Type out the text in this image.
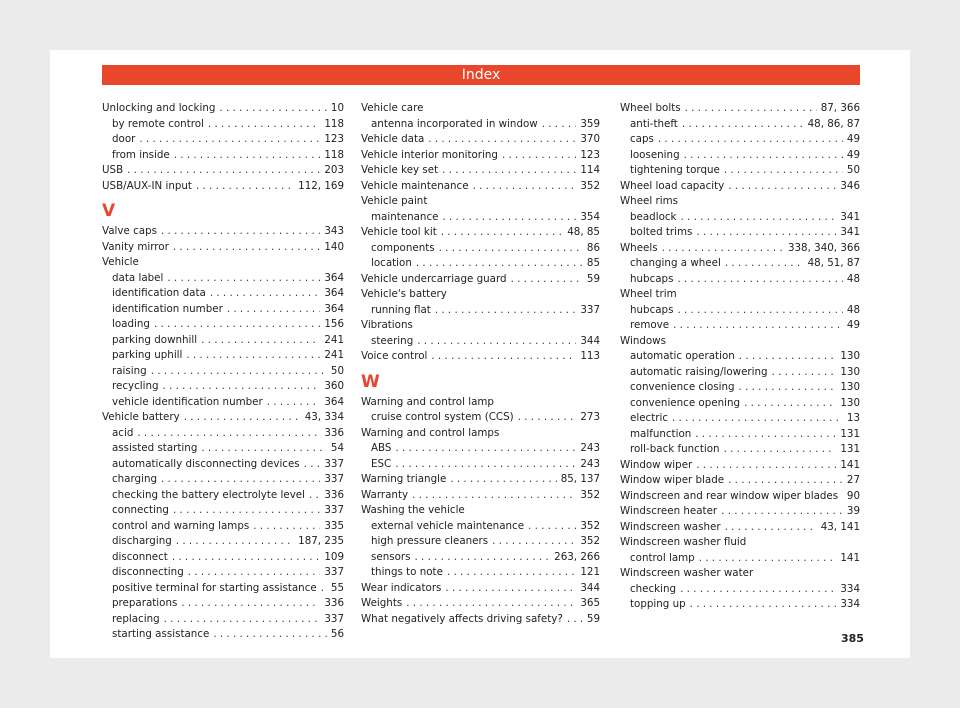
Index
Unlocking and locking . . .	10
by remote control . . .	118
door . . .	123
from inside . . .	118
USB . . .	203
USB/AUX-IN input . . .	112, 169
V
Valve caps . . .	343
Vanity mirror . . .	140
Vehicle
data label . . .	364
identification data . . .	364
identification number . . .	364
loading . . .	156
parking downhill . . .	241
parking uphill . . .	241
raising . . .	50
recycling . . .	360
vehicle identification number . . .	364
Vehicle battery . . .	43, 334
acid . . .	336
assisted starting . . .	54
automatically disconnecting devices . . . 337
charging . . .	337
checking the battery electrolyte level . . . 336
connecting . . .	337
control and warning lamps . . .	335
discharging . . .	187, 235
disconnect . . .	109
disconnecting . . .	337
positive terminal for starting assistance . . . 55
preparations . . .	336
replacing . . .	337
starting assistance . . .	56
Vehicle care
antenna incorporated in window . . .	359
Vehicle data . . .	370
Vehicle interior monitoring . . .	123
Vehicle key set . . .	114
Vehicle maintenance . . .	352
Vehicle paint
maintenance . . .	354
Vehicle tool kit . . .	48, 85
components . . .	86
location . . .	85
Vehicle undercarriage guard . . .	59
Vehicle's battery
running flat . . .	337
Vibrations
steering . . .	344
Voice control . . .	113
W
Warning and control lamp
cruise control system (CCS) . . .	273
Warning and control lamps
ABS . . .	243
ESC . . .	243
Warning triangle . . .	85, 137
Warranty . . .	352
Washing the vehicle
external vehicle maintenance . . .	352
high pressure cleaners . . .	352
sensors . . .	263, 266
things to note . . .	121
Wear indicators . . .	344
Weights . . .	365
What negatively affects driving safety? . . . 59
Wheel bolts . . .	87, 366
anti-theft . . .	48, 86, 87
caps . . .	49
loosening . . .	49
tightening torque . . .	50
Wheel load capacity . . .	346
Wheel rims
beadlock . . .	341
bolted trims . . .	341
Wheels . . .	338, 340, 366
changing a wheel . . .	48, 51, 87
hubcaps . . .	48
Wheel trim
hubcaps . . .	48
remove . . .	49
Windows
automatic operation . . .	130
automatic raising/lowering . . .	130
convenience closing . . .	130
convenience opening . . .	130
electric . . .	13
malfunction . . .	131
roll-back function . . .	131
Window wiper . . .	141
Window wiper blade . . .	27
Windscreen and rear window wiper blades . . . 90
Windscreen heater . . .	39
Windscreen washer . . .	43, 141
Windscreen washer fluid
control lamp . . .	141
Windscreen washer water
checking . . .	334
topping up . . .	334
385
